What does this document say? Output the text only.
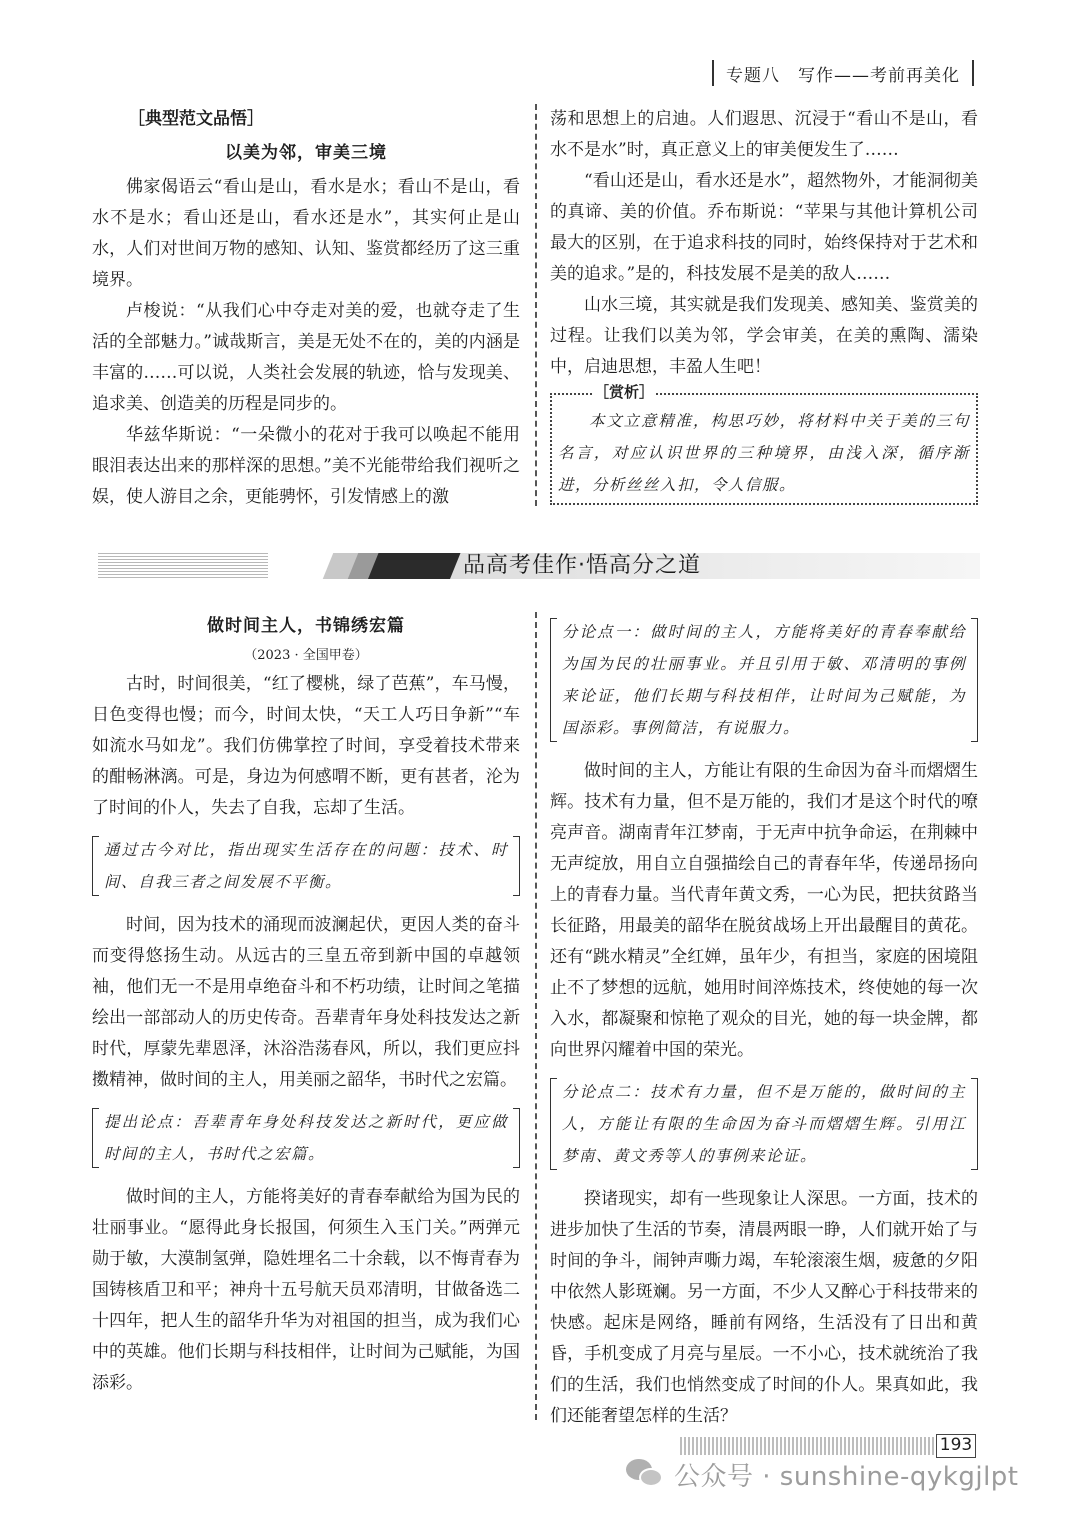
专题八　写作——考前再美化
［典型范文品悟］
以美为邻，审美三境

佛家偈语云“看山是山，看水是水；看山不是山，看水不是水；看山还是山，看水还是水”，其实何止是山水，人们对世间万物的感知、认知、鉴赏都经历了这三重境界。

卢梭说：“从我们心中夺走对美的爱，也就夺走了生活的全部魅力。”诚哉斯言，美是无处不在的，美的内涵是丰富的……可以说，人类社会发展的轨迹，恰与发现美、追求美、创造美的历程是同步的。

华兹华斯说：“一朵微小的花对于我可以唤起不能用眼泪表达出来的那样深的思想。”美不光能带给我们视听之娱，使人游目之余，更能骋怀，引发情感上的激

荡和思想上的启迪。人们遐思、沉浸于“看山不是山，看水不是水”时，真正意义上的审美便发生了……

“看山还是山，看水还是水”，超然物外，才能洞彻美的真谛、美的价值。乔布斯说：“苹果与其他计算机公司最大的区别，在于追求科技的同时，始终保持对于艺术和美的追求。”是的，科技发展不是美的敌人……

山水三境，其实就是我们发现美、感知美、鉴赏美的过程。让我们以美为邻，学会审美，在美的熏陶、濡染中，启迪思想，丰盈人生吧！

［赏析］
本文立意精准，构思巧妙，将材料中关于美的三句名言，对应认识世界的三种境界，由浅入深，循序渐进，分析丝丝入扣，令人信服。
品高考佳作·悟高分之道
做时间主人，书锦绣宏篇
（2023 · 全国甲卷）

古时，时间很美，“红了樱桃，绿了芭蕉”，车马慢，日色变得也慢；而今，时间太快，“天工人巧日争新”“车如流水马如龙”。我们仿佛掌控了时间，享受着技术带来的酣畅淋漓。可是，身边为何感喟不断，更有甚者，沦为了时间的仆人，失去了自我，忘却了生活。

通过古今对比，指出现实生活存在的问题：技术、时间、自我三者之间发展不平衡。

时间，因为技术的涌现而波澜起伏，更因人类的奋斗而变得悠扬生动。从远古的三皇五帝到新中国的卓越领袖，他们无一不是用卓绝奋斗和不朽功绩，让时间之笔描绘出一部部动人的历史传奇。吾辈青年身处科技发达之新时代，厚蒙先辈恩泽，沐浴浩荡春风，所以，我们更应抖擞精神，做时间的主人，用美丽之韶华，书时代之宏篇。

提出论点：吾辈青年身处科技发达之新时代，更应做时间的主人，书时代之宏篇。

做时间的主人，方能将美好的青春奉献给为国为民的壮丽事业。“愿得此身长报国，何须生入玉门关。”两弹元勋于敏，大漠制氢弹，隐姓埋名二十余载，以不悔青春为国铸核盾卫和平；神舟十五号航天员邓清明，甘做备选二十四年，把人生的韶华升华为对祖国的担当，成为我们心中的英雄。他们长期与科技相伴，让时间为己赋能，为国添彩。

分论点一：做时间的主人，方能将美好的青春奉献给为国为民的壮丽事业。并且引用于敏、邓清明的事例来论证，他们长期与科技相伴，让时间为己赋能，为国添彩。事例简洁，有说服力。

做时间的主人，方能让有限的生命因为奋斗而熠熠生辉。技术有力量，但不是万能的，我们才是这个时代的嘹亮声音。湖南青年江梦南，于无声中抗争命运，在荆棘中无声绽放，用自立自强描绘自己的青春年华，传递昂扬向上的青春力量。当代青年黄文秀，一心为民，把扶贫路当长征路，用最美的韶华在脱贫战场上开出最醒目的黄花。还有“跳水精灵”全红婵，虽年少，有担当，家庭的困境阻止不了梦想的远航，她用时间淬炼技术，终使她的每一次入水，都凝聚和惊艳了观众的目光，她的每一块金牌，都向世界闪耀着中国的荣光。

分论点二：技术有力量，但不是万能的，做时间的主人，方能让有限的生命因为奋斗而熠熠生辉。引用江梦南、黄文秀等人的事例来论证。

揆诸现实，却有一些现象让人深思。一方面，技术的进步加快了生活的节奏，清晨两眼一睁，人们就开始了与时间的争斗，闹钟声嘶力竭，车轮滚滚生烟，疲惫的夕阳中依然人影斑斓。另一方面，不少人又醉心于科技带来的快感。起床是网络，睡前有网络，生活没有了日出和黄昏，手机变成了月亮与星辰。一不小心，技术就统治了我们的生活，我们也悄然变成了时间的仆人。果真如此，我们还能奢望怎样的生活？

193
公众号 · sunshine-qykgjlpt
